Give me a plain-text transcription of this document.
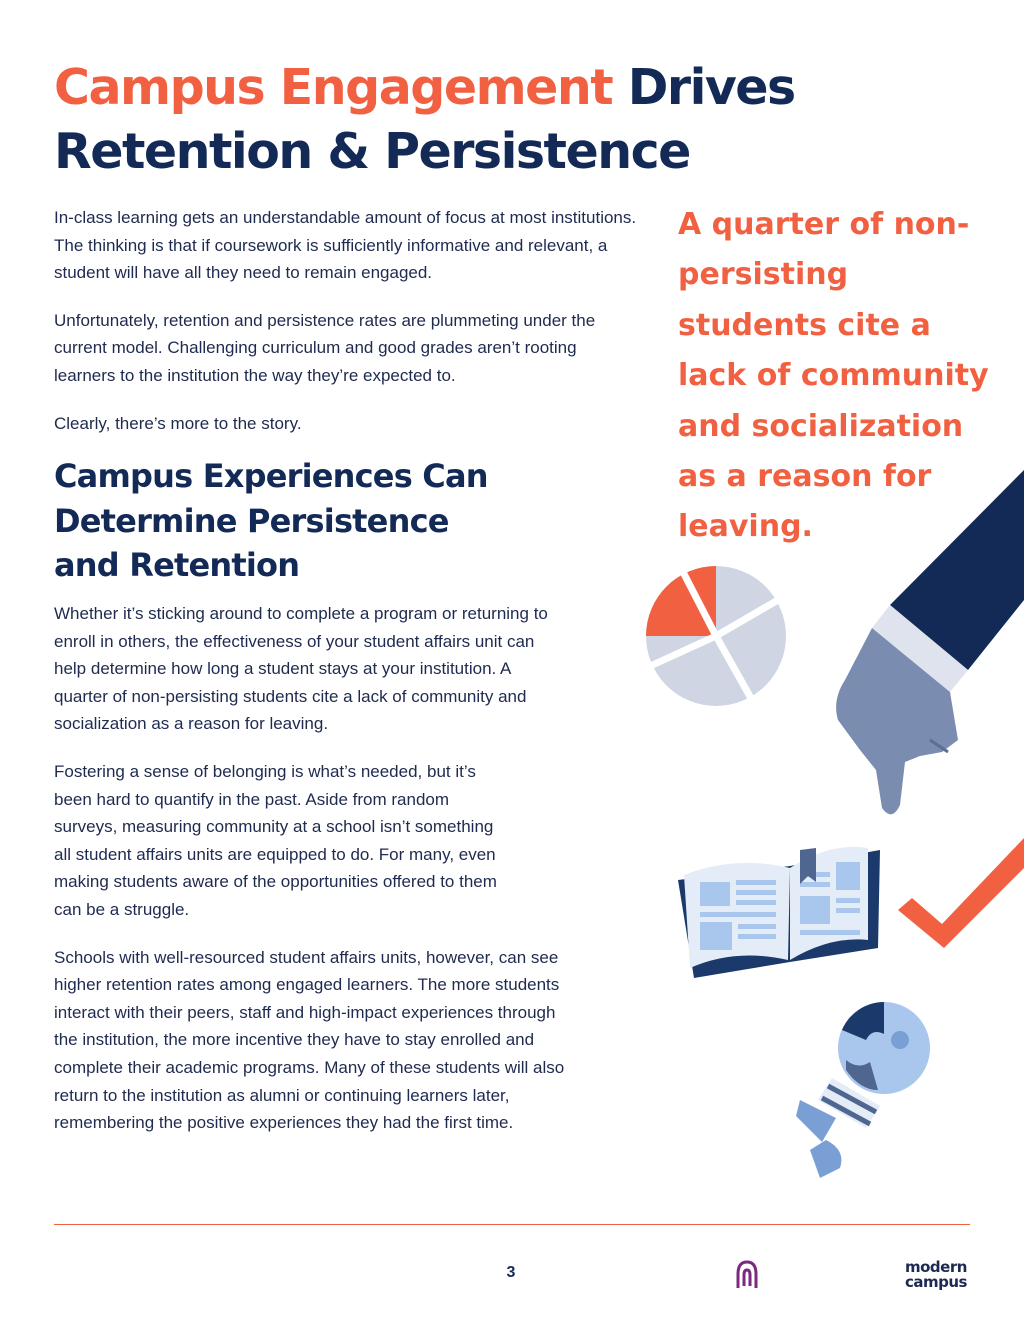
Campus Engagement Drives
Retention & Persistence

In-class learning gets an understandable amount of focus at most institutions. The thinking is that if coursework is sufficiently informative and relevant, a student will have all they need to remain engaged.

Unfortunately, retention and persistence rates are plummeting under the current model. Challenging curriculum and good grades aren’t rooting learners to the institution the way they’re expected to.

Clearly, there’s more to the story.

Campus Experiences Can
Determine Persistence
and Retention

Whether it’s sticking around to complete a program or returning to enroll in others, the effectiveness of your student affairs unit can help determine how long a student stays at your institution. A quarter of non-persisting students cite a lack of community and socialization as a reason for leaving.

Fostering a sense of belonging is what’s needed, but it’s been hard to quantify in the past. Aside from random surveys, measuring community at a school isn’t something all student affairs units are equipped to do. For many, even making students aware of the opportunities offered to them can be a struggle.

Schools with well-resourced student affairs units, however, can see higher retention rates among engaged learners. The more students interact with their peers, staff and high-impact experiences through the institution, the more incentive they have to stay enrolled and complete their academic programs. Many of these students will also return to the institution as alumni or continuing learners later, remembering the positive experiences they had the first time.

A quarter of non-persisting students cite a lack of community and socialization as a reason for leaving.

3	modern
campus
